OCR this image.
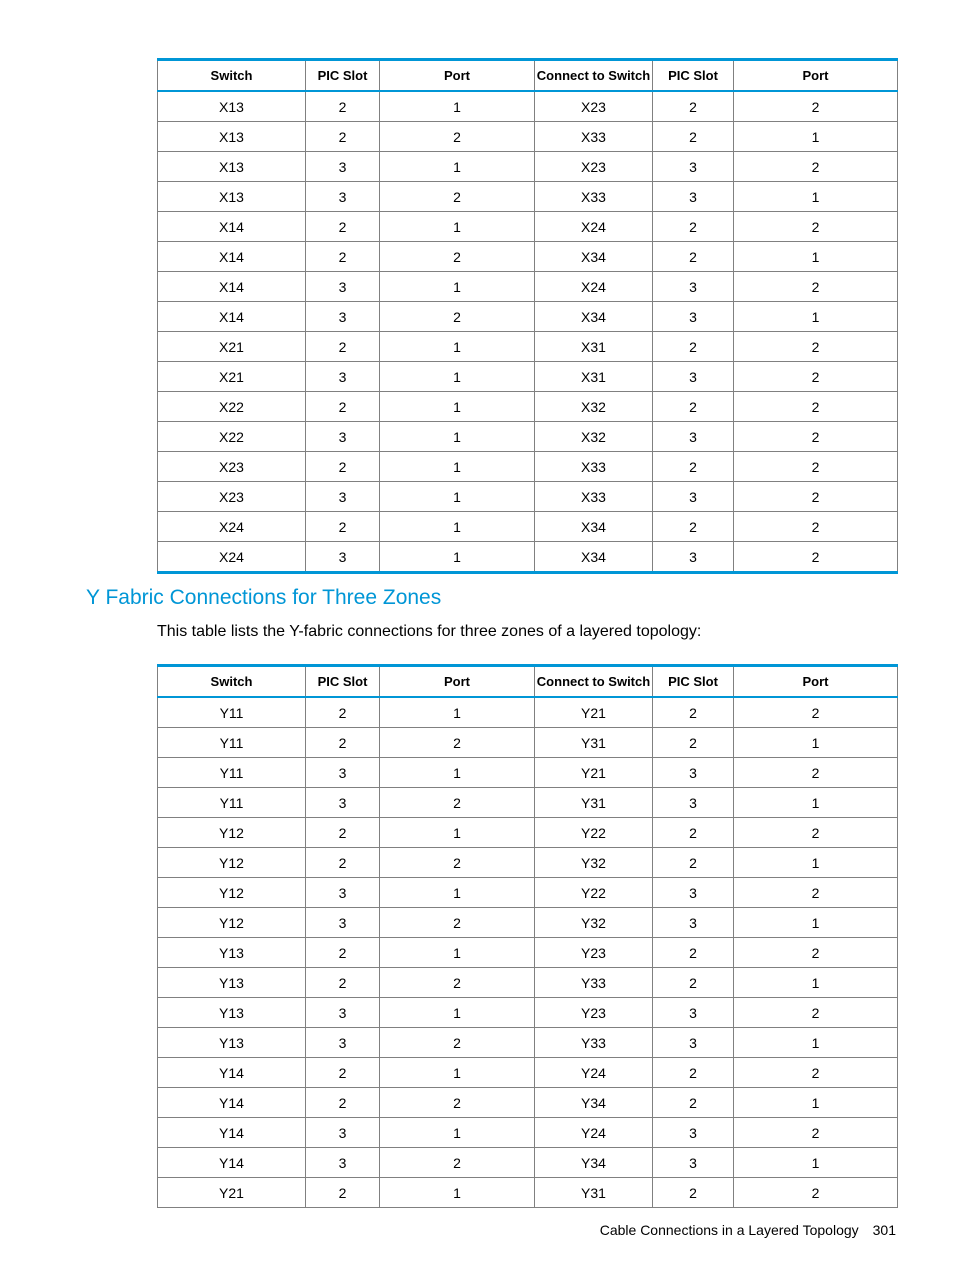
Switch	PIC Slot	Port	Connect to Switch	PIC Slot	Port
X13	2	1	X23	2	2
X13	2	2	X33	2	1
X13	3	1	X23	3	2
X13	3	2	X33	3	1
X14	2	1	X24	2	2
X14	2	2	X34	2	1
X14	3	1	X24	3	2
X14	3	2	X34	3	1
X21	2	1	X31	2	2
X21	3	1	X31	3	2
X22	2	1	X32	2	2
X22	3	1	X32	3	2
X23	2	1	X33	2	2
X23	3	1	X33	3	2
X24	2	1	X34	2	2
X24	3	1	X34	3	2
Y Fabric Connections for Three Zones

This table lists the Y-fabric connections for three zones of a layered topology:

Switch	PIC Slot	Port	Connect to Switch	PIC Slot	Port
Y11	2	1	Y21	2	2
Y11	2	2	Y31	2	1
Y11	3	1	Y21	3	2
Y11	3	2	Y31	3	1
Y12	2	1	Y22	2	2
Y12	2	2	Y32	2	1
Y12	3	1	Y22	3	2
Y12	3	2	Y32	3	1
Y13	2	1	Y23	2	2
Y13	2	2	Y33	2	1
Y13	3	1	Y23	3	2
Y13	3	2	Y33	3	1
Y14	2	1	Y24	2	2
Y14	2	2	Y34	2	1
Y14	3	1	Y24	3	2
Y14	3	2	Y34	3	1
Y21	2	1	Y31	2	2
Cable Connections in a Layered Topology 301
